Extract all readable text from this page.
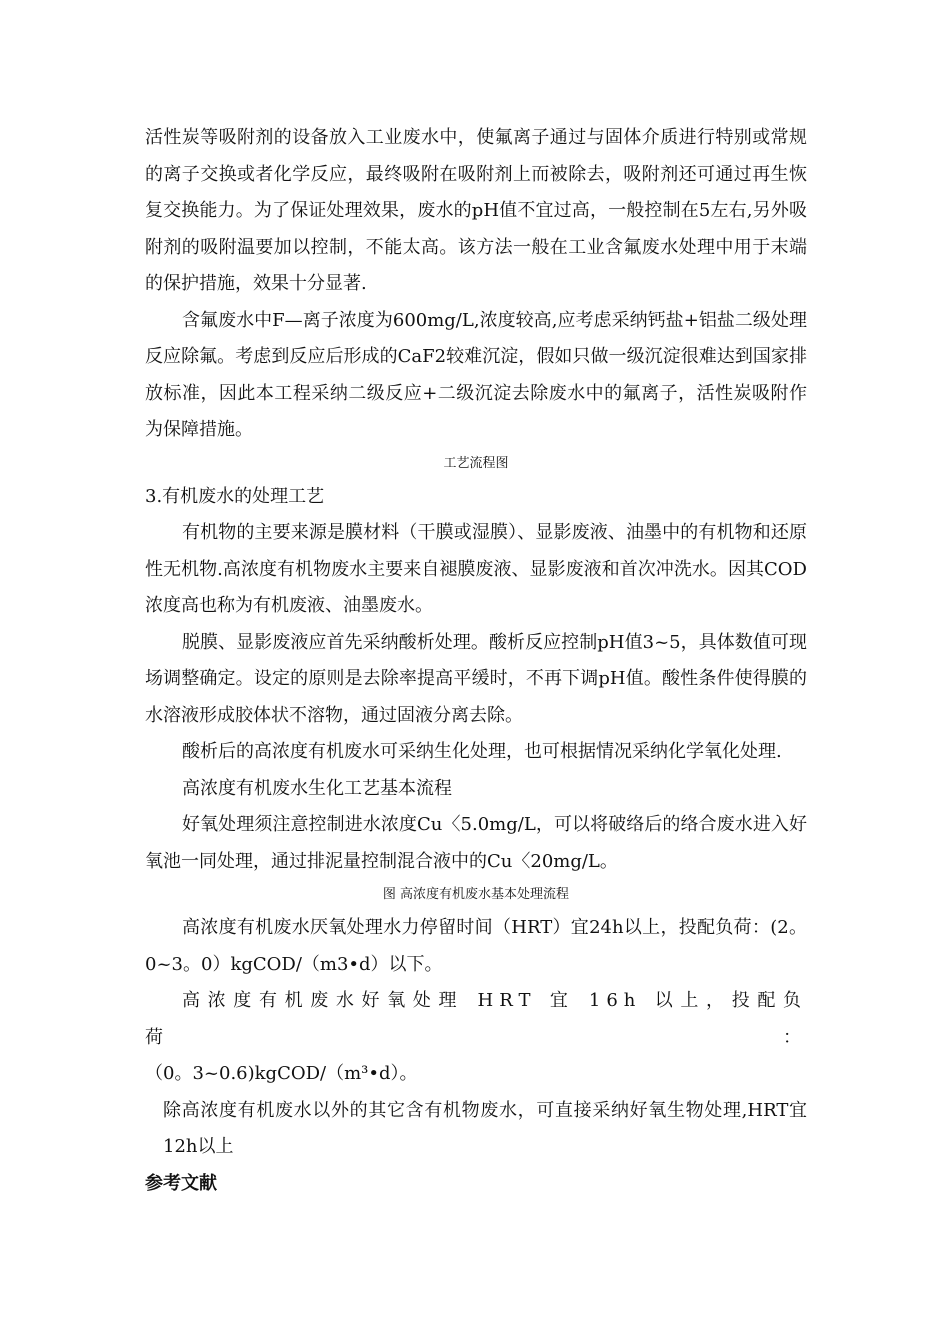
活性炭等吸附剂的设备放入工业废水中，使氟离子通过与固体介质进行特别或常规的离子交换或者化学反应，最终吸附在吸附剂上而被除去，吸附剂还可通过再生恢复交换能力。为了保证处理效果，废水的pH值不宜过高，一般控制在5左右,另外吸附剂的吸附温要加以控制，不能太高。该方法一般在工业含氟废水处理中用于末端的保护措施，效果十分显著.

含氟废水中F—离子浓度为600mg/L,浓度较高,应考虑采纳钙盐+铝盐二级处理反应除氟。考虑到反应后形成的CaF2较难沉淀，假如只做一级沉淀很难达到国家排放标准，因此本工程采纳二级反应+二级沉淀去除废水中的氟离子，活性炭吸附作为保障措施。

工艺流程图

3.有机废水的处理工艺

有机物的主要来源是膜材料（干膜或湿膜）、显影废液、油墨中的有机物和还原性无机物.高浓度有机物废水主要来自褪膜废液、显影废液和首次冲洗水。因其COD浓度高也称为有机废液、油墨废水。

脱膜、显影废液应首先采纳酸析处理。酸析反应控制pH值3~5，具体数值可现场调整确定。设定的原则是去除率提高平缓时，不再下调pH值。酸性条件使得膜的水溶液形成胶体状不溶物，通过固液分离去除。

酸析后的高浓度有机废水可采纳生化处理，也可根据情况采纳化学氧化处理.

高浓度有机废水生化工艺基本流程

好氧处理须注意控制进水浓度Cu〈5.0mg/L，可以将破络后的络合废水进入好氧池一同处理，通过排泥量控制混合液中的Cu〈20mg/L。

图 高浓度有机废水基本处理流程

高浓度有机废水厌氧处理水力停留时间（HRT）宜24h以上，投配负荷：(2。0~3。0）kgCOD/（m3•d）以下。

高浓度有机废水好氧处理 HRT 宜 16h 以上，投配负荷：

（0。3~0.6)kgCOD/（m³•d）。

除高浓度有机废水以外的其它含有机物废水，可直接采纳好氧生物处理,HRT宜12h以上

参考文献
